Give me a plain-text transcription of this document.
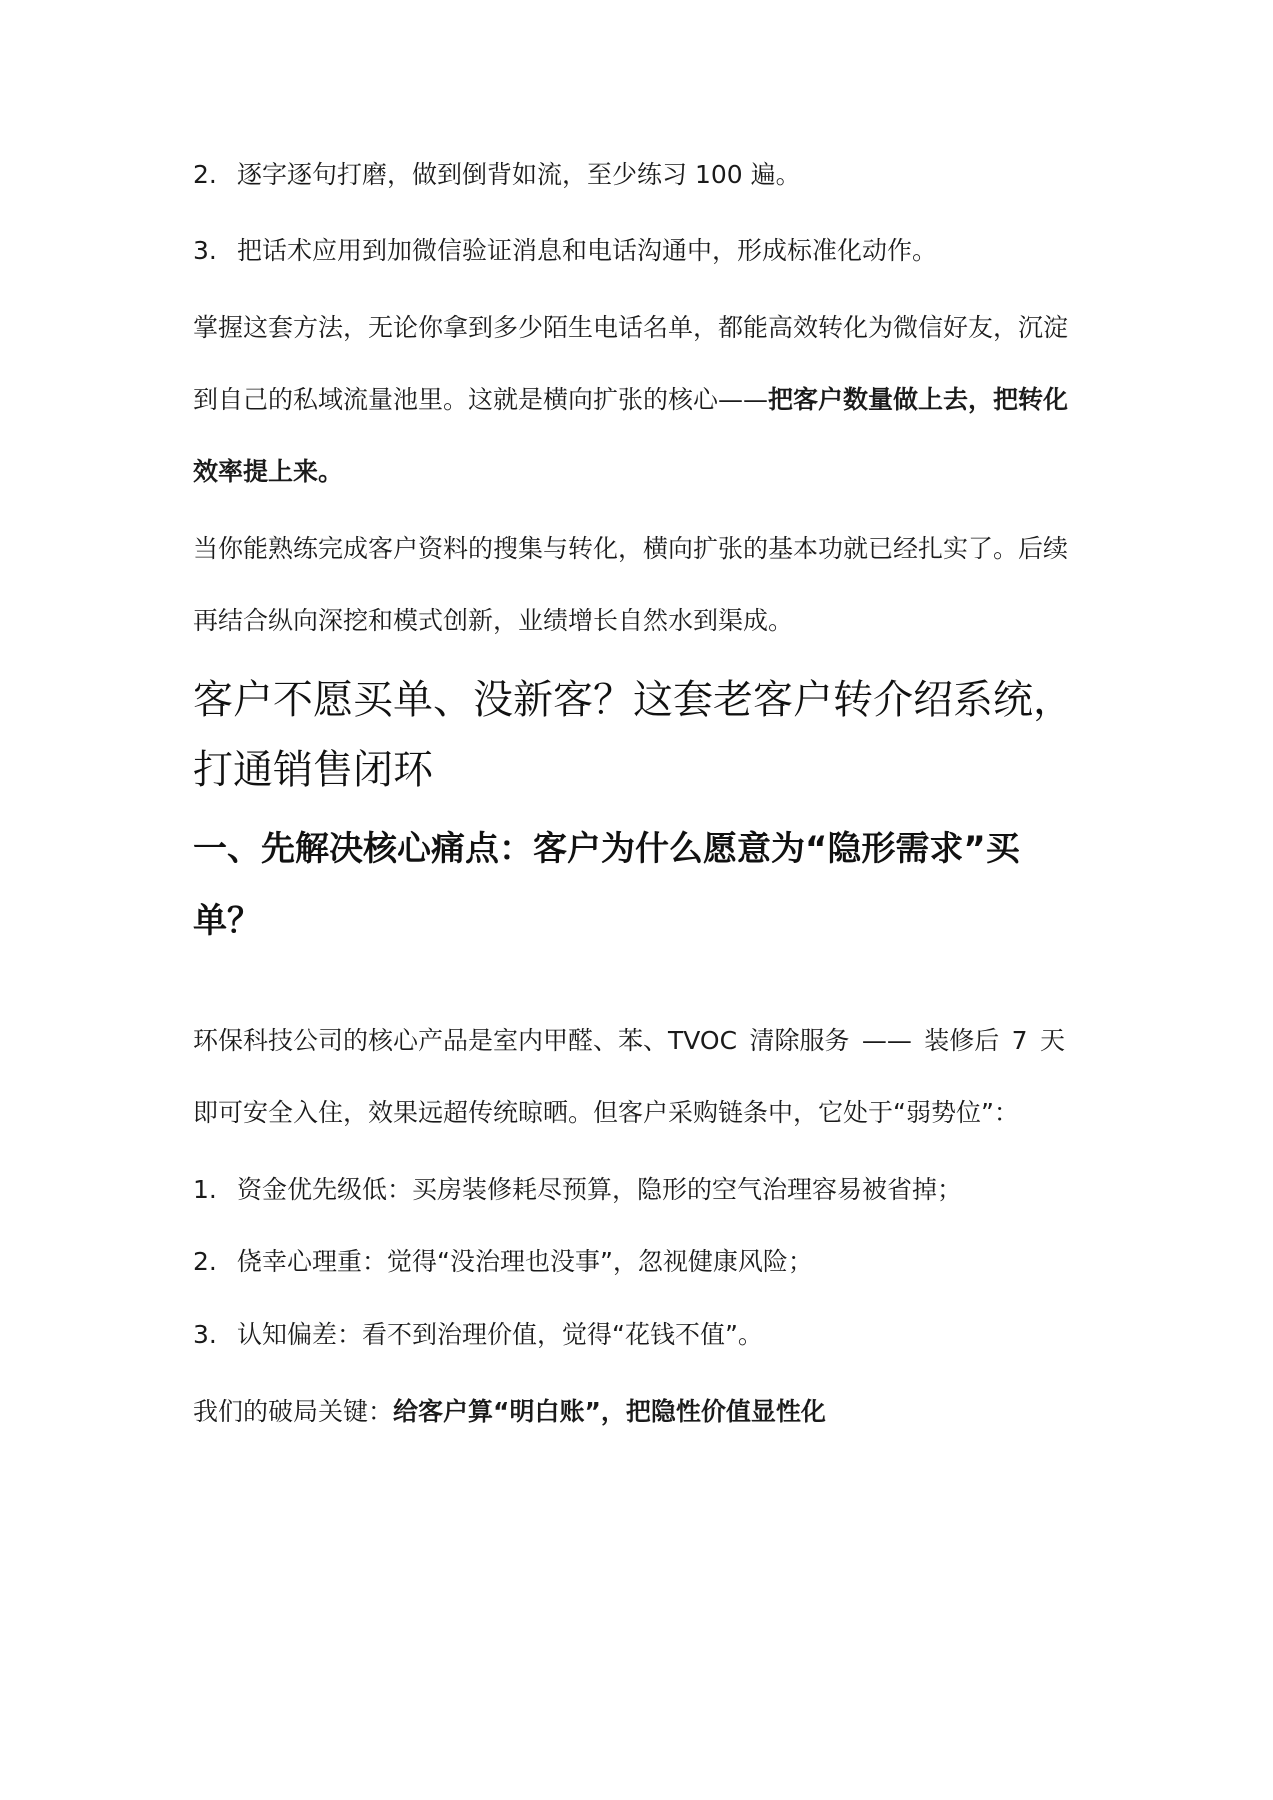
2. 逐字逐句打磨，做到倒背如流，至少练习 100 遍。
3. 把话术应用到加微信验证消息和电话沟通中，形成标准化动作。
掌握这套方法，无论你拿到多少陌生电话名单，都能高效转化为微信好友，沉淀
到自己的私域流量池里。这就是横向扩张的核心——把客户数量做上去，把转化
效率提上来。
当你能熟练完成客户资料的搜集与转化，横向扩张的基本功就已经扎实了。后续
再结合纵向深挖和模式创新，业绩增长自然水到渠成。
客户不愿买单、没新客？这套老客户转介绍系统，
打通销售闭环
一、先解决核心痛点：客户为什么愿意为“隐形需求”买
单？
环保科技公司的核心产品是室内甲醛、苯、TVOC 清除服务 —— 装修后 7 天
即可安全入住，效果远超传统晾晒。但客户采购链条中，它处于“弱势位”：
1. 资金优先级低：买房装修耗尽预算，隐形的空气治理容易被省掉；
2. 侥幸心理重：觉得“没治理也没事”，忽视健康风险；
3. 认知偏差：看不到治理价值，觉得“花钱不值”。
我们的破局关键：给客户算“明白账”，把隐性价值显性化
